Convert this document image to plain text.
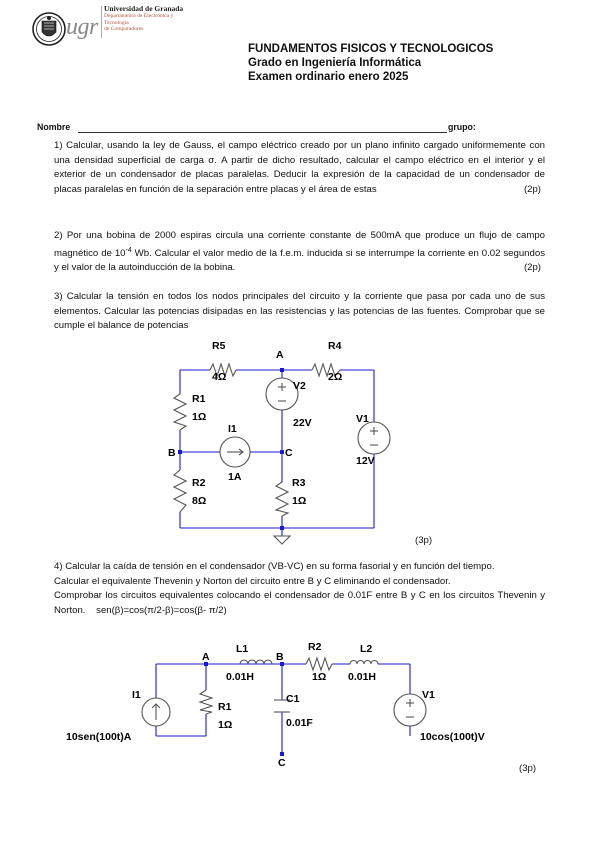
ugr
Universidad de Granada
Departamento de Electrónica y Tecnología
de Computadores
FUNDAMENTOS FISICOS Y TECNOLOGICOS
Grado en Ingeniería Informática
Examen ordinario enero 2025
Nombre	grupo:

1) Calcular, usando la ley de Gauss, el campo eléctrico creado por un plano infinito cargado uniformemente con una densidad superficial de carga σ. A partir de dicho resultado, calcular el campo eléctrico en el interior y el exterior de un condensador de placas paralelas. Deducir la expresión de la capacidad de un condensador de placas paralelas en función de la separación entre placas y el área de estas	(2p)

2) Por una bobina de 2000 espiras circula una corriente constante de 500mA que produce un flujo de campo magnético de $10^{-4}$ Wb. Calcular el valor medio de la f.e.m. inducida si se interrumpe la corriente en 0.02 segundos y el valor de la autoinducción de la bobina.	(2p)

3) Calcular la tensión en todos los nodos principales del circuito y la corriente que pasa por cada uno de sus elementos. Calcular las potencias disipadas en las resistencias y las potencias de las fuentes. Comprobar que se cumple el balance de potencias

R5
4Ω
A
R4
2Ω
V2
22V
R1
1Ω
I1
1A
V1
12V
B	C
R2
8Ω
R3
1Ω
(3p)

4) Calcular la caída de tensión en el condensador (VB-VC) en su forma fasorial y en función del tiempo.

Calcular el equivalente Thevenin y Norton del circuito entre B y C eliminando el condensador.

Comprobar los circuitos equivalentes colocando el condensador de 0.01F entre B y C en los circuitos Thevenin y Norton. sen(β)=cos(π/2-β)=cos(β- π/2)

A	B
C
L1
0.01H
R2
1Ω
L2
0.01H
I1
10sen(100t)A
R1
1Ω
C1
0.01F
V1
10cos(100t)V
(3p)
